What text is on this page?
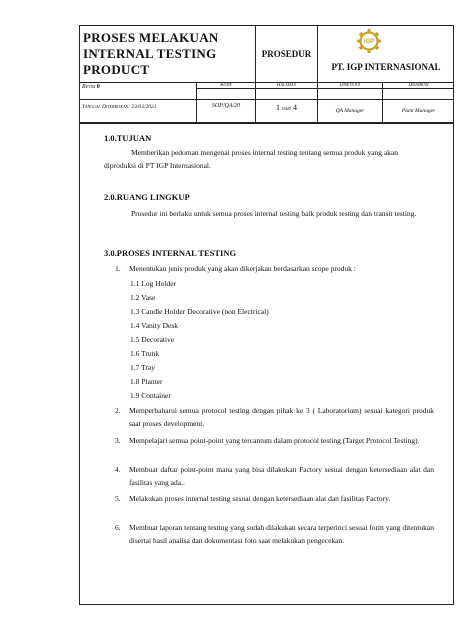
PROSES MELAKUAN
INTERNAL TESTING
PRODUCT
PROSEDUR
IGP
PT. IGP INTERNASIONAL
Revisi 0	Kode	Halaman	Disetujui	Disahkan
Tanggal Diterbitkan: 23/03/2021	SOP/QA/20	1 dari 4	QA Manager	Plant Manager
1.0.TUJUAN
Memberikan pedoman mengenai proses internal testing tentang semua produk yang akan diproduksi di PT IGP Internasional.
2.0.RUANG LINGKUP
Prosedur ini berlaku untuk semua proses internal testing baik produk testing dan transit testing.
3.0.PROSES INTERNAL TESTING
1. Menentukan jenis produk yang akan dikerjakan berdasarkan scope produk :
1.1 Log Holder
1.2 Vase
1.3 Candle Holder Decorative (non Electrical)
1.4 Vanity Desk
1.5 Decorative
1.6 Trunk
1.7 Tray
1.8 Planter
1.9 Container
2. Memperbaharui semua protocol testing dengan pihak ke 3 ( Laboratorium) sesuai kategori produk saat proses development.
3. Mempelajari semua point-point yang tercantum dalam protocol testing (Target Protocol Testing).
4. Membuat daftar point-point mana yang bisa dilakukan Factory sesuai dengan ketersediaan alat dan fasilitas yang ada..
5. Melakukan proses internal testing sesuai dengan ketersediaan alat dan fasilitas Factory.
6. Membuat laporan tentang testing yang sudah dilakukan secara terperinci sesuai form yang ditentukan disertai hasil analisa dan dokumentasi foto saat melakukan pengecekan.
